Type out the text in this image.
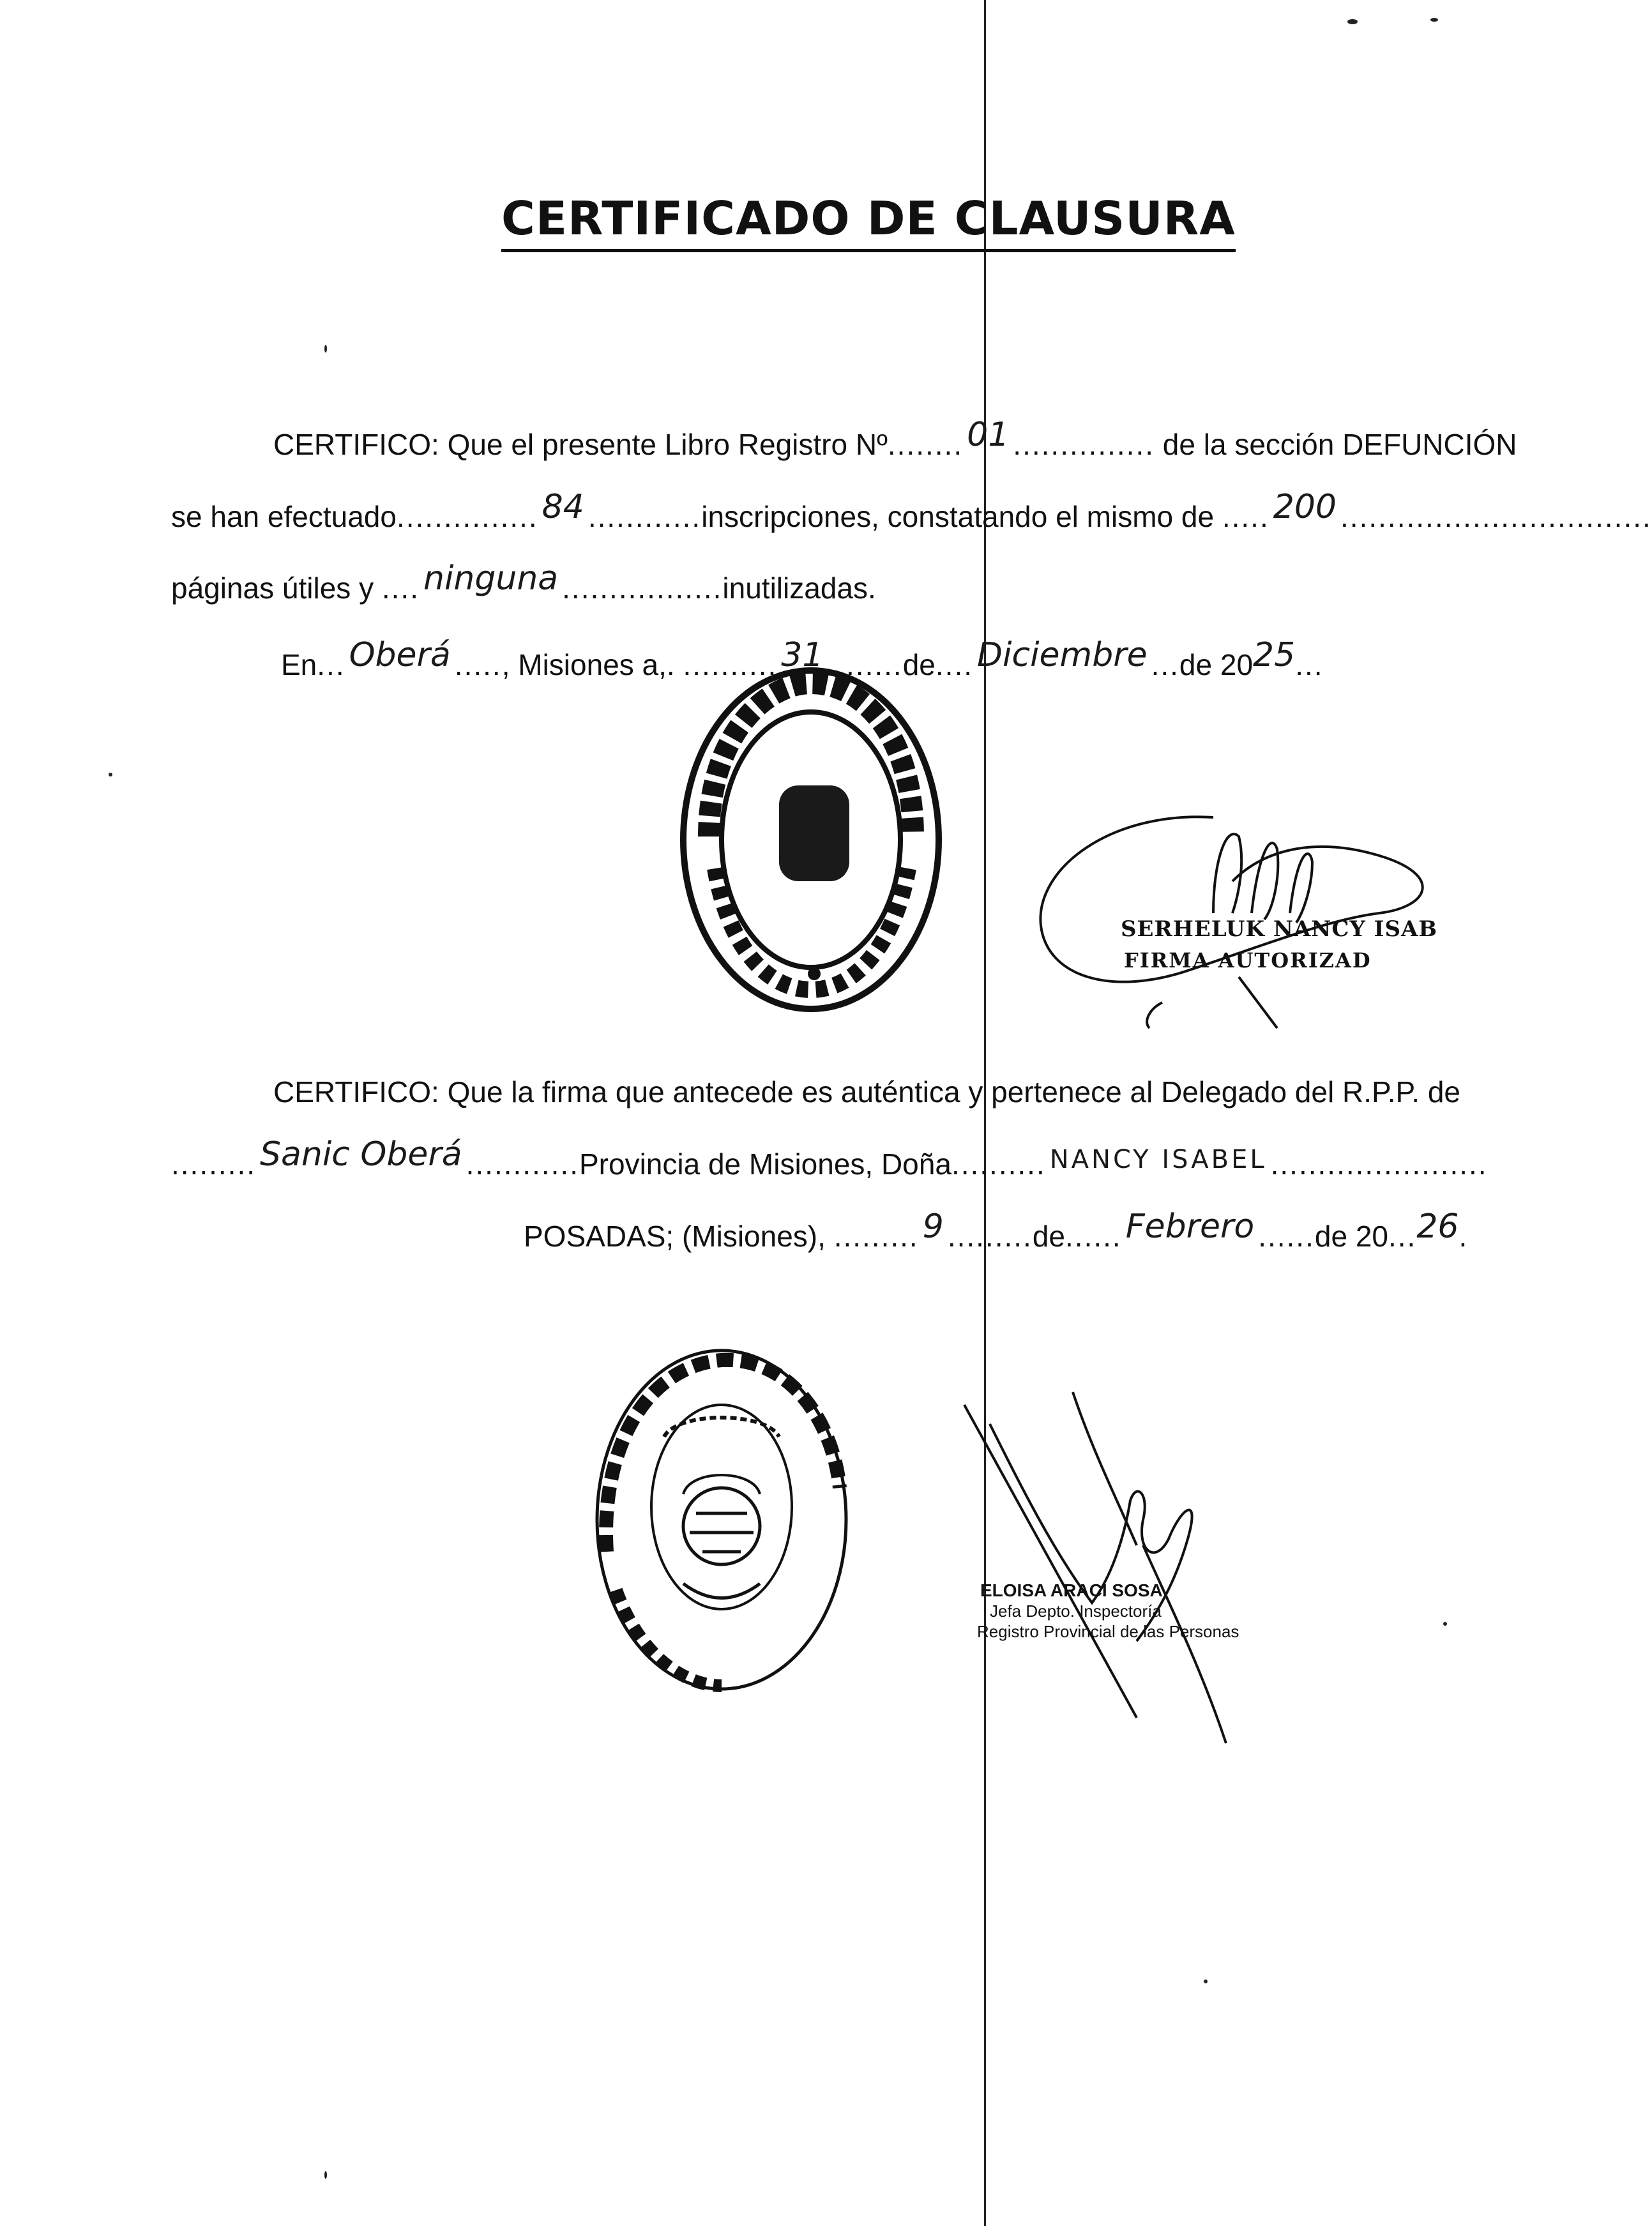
CERTIFICADO DE CLAUSURA
CERTIFICO: Que el presente Libro Registro Nº........ 01 ............... de la sección DEFUNCIÓN
se han efectuado............... 84 ............inscripciones, constatando el mismo de ..... 200 .................................
páginas útiles y .... ninguna .................inutilizadas.
En... Oberá ....., Misiones a,. .......... 31 ........de.... Diciembre ...de 2025...
SERHELUK NANCY ISAB
FIRMA AUTORIZAD
CERTIFICO: Que la firma que antecede es auténtica y pertenece al Delegado del R.P.P. de
......... Sanic Oberá ............Provincia de Misiones, Doña.......... NANCY ISABEL .......................
POSADAS; (Misiones), ......... 9 .........de...... Febrero ......de 20...26.
ELOISA ARACI SOSA
Jefa Depto. Inspectoría
Registro Provincial de las Personas
